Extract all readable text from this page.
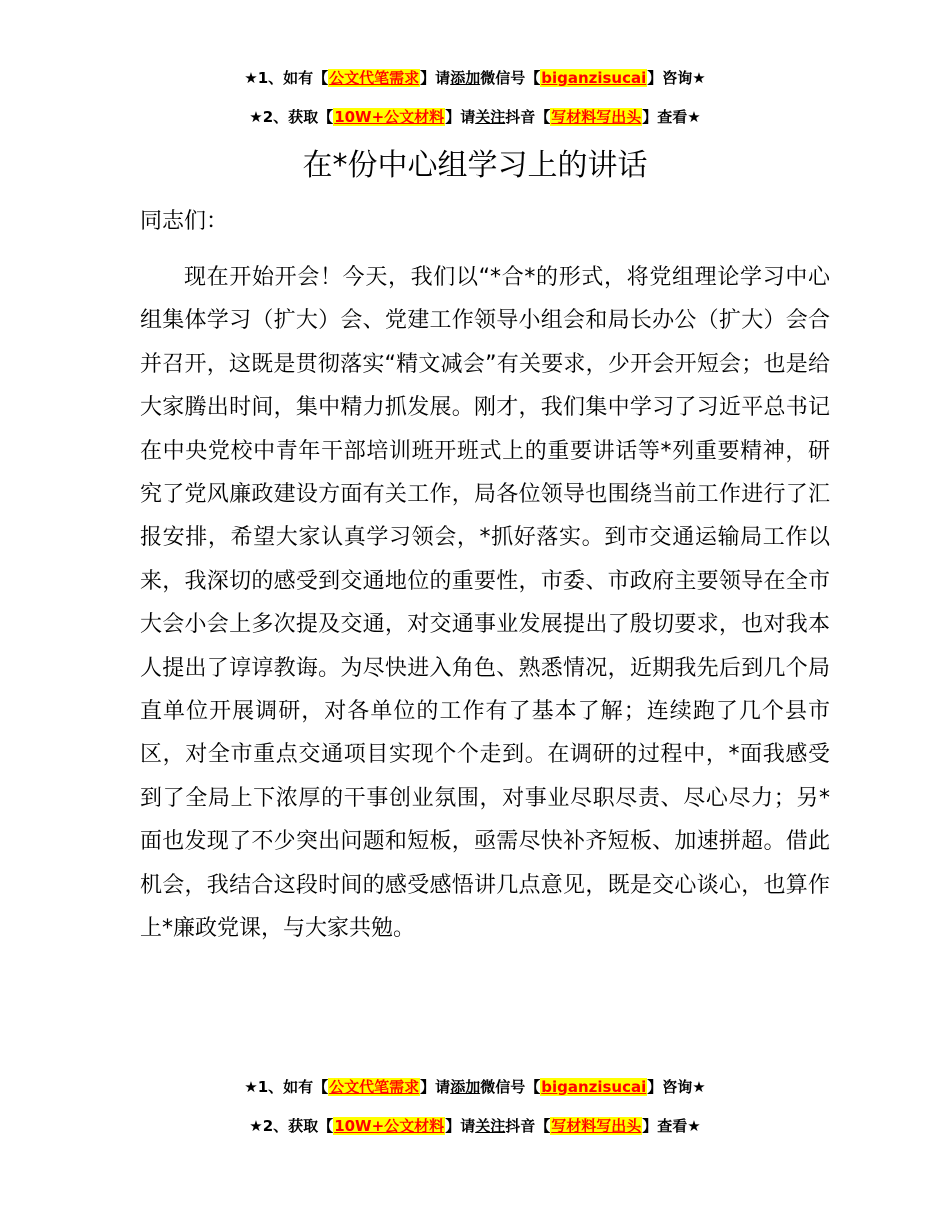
★1、如有【公文代笔需求】请添加微信号【biganzisucai】咨询★
★2、获取【10W+公文材料】请关注抖音【写材料写出头】查看★
在*份中心组学习上的讲话
同志们：

现在开始开会！今天，我们以“*合*的形式，将党组理论学习中心组集体学习（扩大）会、党建工作领导小组会和局长办公（扩大）会合并召开，这既是贯彻落实“精文减会”有关要求，少开会开短会；也是给大家腾出时间，集中精力抓发展。刚才，我们集中学习了习近平总书记在中央党校中青年干部培训班开班式上的重要讲话等*列重要精神，研究了党风廉政建设方面有关工作，局各位领导也围绕当前工作进行了汇报安排，希望大家认真学习领会，*抓好落实。到市交通运输局工作以来，我深切的感受到交通地位的重要性，市委、市政府主要领导在全市大会小会上多次提及交通，对交通事业发展提出了殷切要求，也对我本人提出了谆谆教诲。为尽快进入角色、熟悉情况，近期我先后到几个局直单位开展调研，对各单位的工作有了基本了解；连续跑了几个县市区，对全市重点交通项目实现个个走到。在调研的过程中，*面我感受到了全局上下浓厚的干事创业氛围，对事业尽职尽责、尽心尽力；另*面也发现了不少突出问题和短板，亟需尽快补齐短板、加速拼超。借此机会，我结合这段时间的感受感悟讲几点意见，既是交心谈心，也算作上*廉政党课，与大家共勉。

★1、如有【公文代笔需求】请添加微信号【biganzisucai】咨询★
★2、获取【10W+公文材料】请关注抖音【写材料写出头】查看★
